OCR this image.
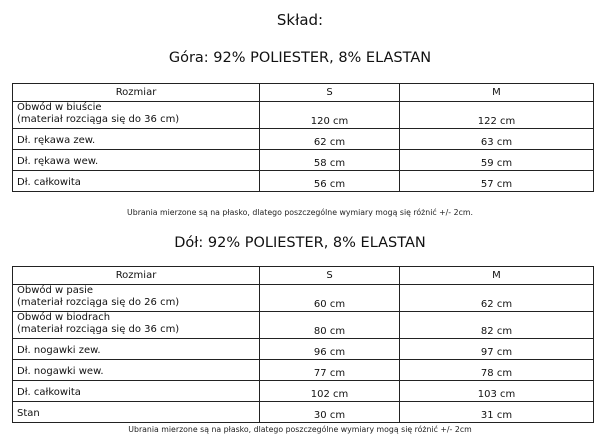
Skład:
Góra: 92% POLIESTER, 8% ELASTAN
Rozmiar	S	M

Obwód w biuście
(materiał rozciąga się do 36 cm)	120 cm	122 cm
Dł. rękawa zew.	62 cm	63 cm
Dł. rękawa wew.	58 cm	59 cm
Dł. całkowita	56 cm	57 cm
Ubrania mierzone są na płasko, dlatego poszczególne wymiary mogą się różnić +/- 2cm.
Dół: 92% POLIESTER, 8% ELASTAN
Rozmiar	S	M

Obwód w pasie
(materiał rozciąga się do 26 cm)	60 cm	62 cm

Obwód w biodrach
(materiał rozciąga się do 36 cm)	80 cm	82 cm
Dł. nogawki zew.	96 cm	97 cm
Dł. nogawki wew.	77 cm	78 cm
Dł. całkowita	102 cm	103 cm
Stan	30 cm	31 cm
Ubrania mierzone są na płasko, dlatego poszczególne wymiary mogą się różnić +/- 2cm
